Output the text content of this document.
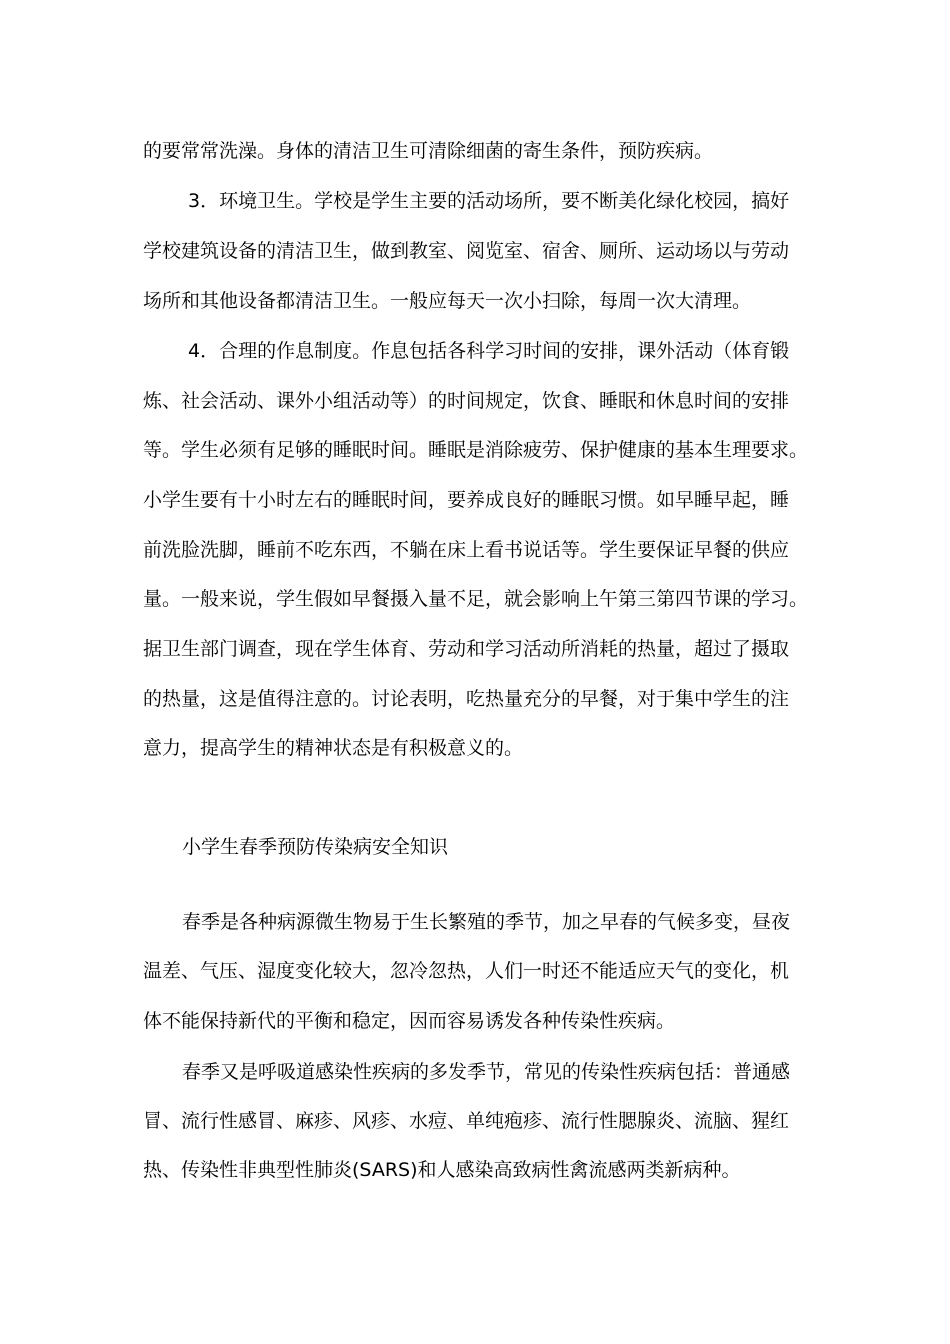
的要常常洗澡。身体的清洁卫生可清除细菌的寄生条件，预防疾病。
3．环境卫生。学校是学生主要的活动场所，要不断美化绿化校园，搞好
学校建筑设备的清洁卫生，做到教室、阅览室、宿舍、厕所、运动场以与劳动
场所和其他设备都清洁卫生。一般应每天一次小扫除，每周一次大清理。
4．合理的作息制度。作息包括各科学习时间的安排，课外活动（体育锻
炼、社会活动、课外小组活动等）的时间规定，饮食、睡眠和休息时间的安排
等。学生必须有足够的睡眠时间。睡眠是消除疲劳、保护健康的基本生理要求。
小学生要有十小时左右的睡眠时间，要养成良好的睡眠习惯。如早睡早起，睡
前洗脸洗脚，睡前不吃东西，不躺在床上看书说话等。学生要保证早餐的供应
量。一般来说，学生假如早餐摄入量不足，就会影响上午第三第四节课的学习。
据卫生部门调查，现在学生体育、劳动和学习活动所消耗的热量，超过了摄取
的热量，这是值得注意的。讨论表明，吃热量充分的早餐，对于集中学生的注
意力，提高学生的精神状态是有积极意义的。
小学生春季预防传染病安全知识
春季是各种病源微生物易于生长繁殖的季节，加之早春的气候多变，昼夜
温差、气压、湿度变化较大，忽冷忽热，人们一时还不能适应天气的变化，机
体不能保持新代的平衡和稳定，因而容易诱发各种传染性疾病。
春季又是呼吸道感染性疾病的多发季节，常见的传染性疾病包括：普通感
冒、流行性感冒、麻疹、风疹、水痘、单纯疱疹、流行性腮腺炎、流脑、猩红
热、传染性非典型性肺炎(SARS)和人感染高致病性禽流感两类新病种。
